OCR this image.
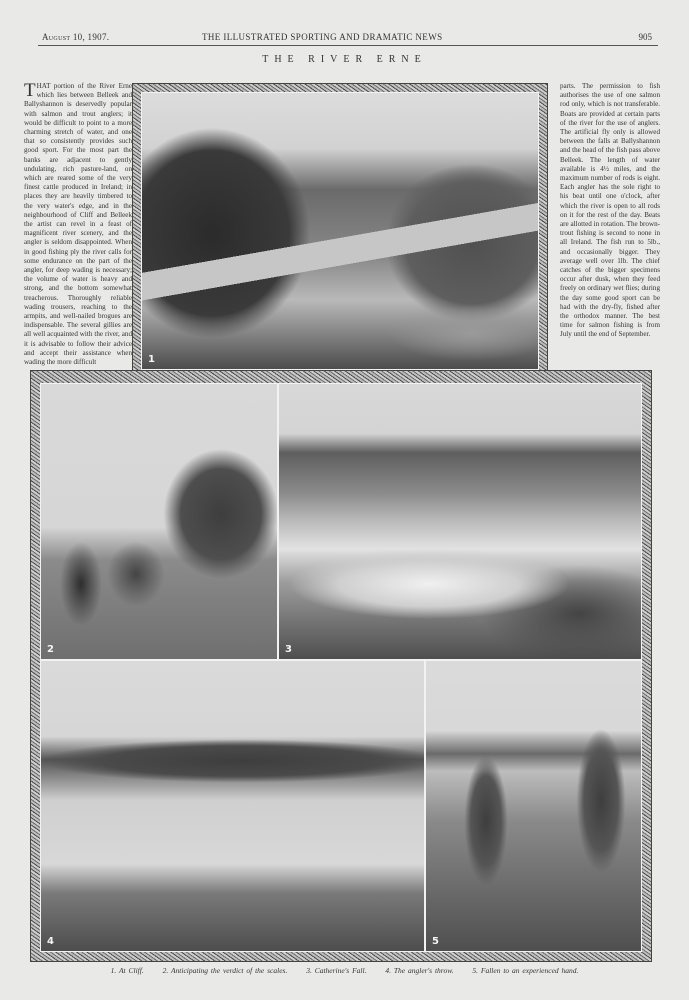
August 10, 1907.	THE ILLUSTRATED SPORTING AND DRAMATIC NEWS	905
THE RIVER ERNE
THAT portion of the River Erne which lies between Belleek and Ballyshannon is deservedly popular with salmon and trout anglers; it would be difficult to point to a more charming stretch of water, and one that so consistently provides such good sport. For the most part the banks are adjacent to gently undulating, rich pasture-land, on which are reared some of the very finest cattle produced in Ireland; in places they are heavily timbered to the very water's edge, and in the neighbourhood of Cliff and Belleek the artist can revel in a feast of magnificent river scenery, and the angler is seldom disappointed. When in good fishing ply the river calls for some endurance on the part of the angler, for deep wading is necessary; the volume of water is heavy and strong, and the bottom somewhat treacherous. Thoroughly reliable wading trousers, reaching to the armpits, and well-nailed brogues are indispensable. The several gillies are all well acquainted with the river, and it is advisable to follow their advice and accept their assistance when wading the more difficult
parts. The permission to fish authorises the use of one salmon rod only, which is not transferable. Boats are provided at certain parts of the river for the use of anglers. The artificial fly only is allowed between the falls at Ballyshannon and the head of the fish pass above Belleek. The length of water available is 4½ miles, and the maximum number of rods is eight. Each angler has the sole right to his beat until one o'clock, after which the river is open to all rods on it for the rest of the day. Beats are allotted in rotation. The brown-trout fishing is second to none in all Ireland. The fish run to 5lb., and occasionally bigger. They average well over 1lb. The chief catches of the bigger specimens occur after dusk, when they feed freely on ordinary wet flies; during the day some good sport can be had with the dry-fly, fished after the orthodox manner. The best time for salmon fishing is from July until the end of September.
1
2	3
4	5
1. At Cliff.	2. Anticipating the verdict of the scales.	3. Catherine's Fall.	4. The angler's throw.	5. Fallen to an experienced hand.
